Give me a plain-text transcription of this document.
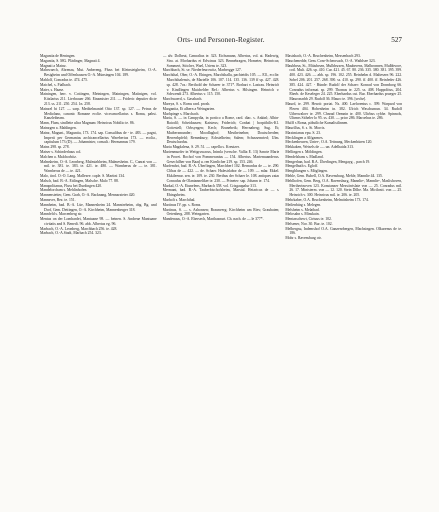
Orts- und Personen-Register.	527

Maguntia de Heningen.

Maguntia, S. MG. Plädinger, Magnati 4.

Magnati a Mainz.

Mahrwaech, Abrenaa, Mut. Anbereng, Fluss bei Kleinsteigheim, O.-A. Besigheim und Offenhausen O.-A. Münsingen 104. 189.

Mahlolf, Conradus te. 474. 475.

Maichel, s. Fialbach.

Maier, s. Haase.

Mainingen, herr. v. Cottingen, Meiningen, Mainingen, Maiinigen, vol. Kitzlarius 211. Lierbrauer 266. Einamister 211. — Frideric deputier dicte 213. ss. 211. 250. 254. 1n. 258.

Mainzel bt 127. — sarp. Meditelmaniel Otto 137. sp. 127. — Petrus de Mediolano, canonic Romane ecclie. vicecancellarius s. Roma, pabst. Kanzleibeam.

Mann, Flum, sindlette ultra Magnum: Heinricus Nobilio te. 86.

Mainzgen a. Mahlingen.

Mainz, Magunt., Maguntia, 173. 174. sap. Consulibus de - te. 483. — pagni, Imperii per Germanias archicancellarius Warebertus 173. — ecolia., capitulum 173 (D). — Johannister, consult.: Hermannus 179.

Mains 298. sp. 278.

Maiser s. Schinderhaus col.

Malchen a. Malchorbitz.

Malmsheim, O.-A. Leonberg, Malmizbheim, Malmesheim. C., Canrat von — mil. te. 381. te. 383. te. 421. te. 480. — Warnherus de — te. 381. Warnherus de — te. 421.

Malo, tirol. O.-O. Lang. Mallesee. caple. S. Martini 134.

Malsch, bad. B.-A. Ettlingen, Malsche. Malo 77. 88.

Manapolitanus, Fluss bei Durdingen 420.

Mandelorcham s. Mehlinhofen.

Mannenstetter, Gem. Grab, O.-A. Backnang, Mennarsteter 420.

Mannsver, Bez. te. 151.

Mannheim, bad. B.-A. Lüe, Mannesheim 24. Manntreheim, obg. Bg. und Dorf, Gem. Dettingen, O.-A. Kirchheim, Mannenberger 318.

Mannfeld s. Marcenberg str.

Mentus on der Lombardei, Mantuane 98. — beinen. S. Andreae Mantuane civitatis and S. Benedi. 96. abb. Albertus eg. 96.

Marbach, O.-A. Leonberg, Marchbach 256. te. 428.

Marbach, O.-A.Stadt, Marbach 254. 323.

— alv. Dolbeut, Camraltus te. 323. Eichsmann, Albertus, vol. at. Hadewig, Stra. at. Morhardus et Erlwinus 323. Bennebragen, Hometer, Heinricus; Sommert, Stitcher, Wael, Uriens te. 323.

Marchbach, St. se. Niederfeurowitz, Marbergge 127.

Marchthal, Ober, O.-A. Ehingen, Marchthalla, pachteidis 105. — Ell., ecclie. Marchthalensis, de Martelle 106. 107. 114. 135. 136. 139 ff sp. 427. 428. sp. 428. 7os.: Berthold der Schaeer te. 371*. Borhart v. Lastrau. Heinrich v. Kindlingen Maichelder Ref.: Albertus v. Hilsingen. Heinrich v. Schwendi 273. Albertus v. 115. 150.

Marchwaerd, s. Gaszbach.

Mareya, S. s. Roms rard. prosb.

Marganita, Et albern a Weingarten.

Marhpinge s. Marchach.

Maria, S. — in Campydia, in portico a Rome, rard. diac. s. Ankinl; Albin-Baiodil; Scheidausen; Kaisteus; Friderich; Conbat | borptibilis-K1. Gottestell; Orbsyngen; Kech; Brunebeik; Herrnaberg; Sug. Et; Mutbersmunder; Moodlaghof; Mestheinehrn; Doutscherden; Herrenbpfeld; Remmbury; Echstelheim; Salem; Schussemried; Ulm. Deutschardus.

Maria Magdalena, S. 29. 51. — capella s. Kreutzer.

Marienmurder in Weitgruwacus, Inimla (versche. Vallia E. 13) Sancte Marie in Prorei. Bochof von Pommeranius — 154. Albertus. Mariemuanderus. Gesechilher von Baad u. ren Kirnlicher 219. sp. 153. 246.

Marfemhrt, bad. B.-A. Überlingen, Marchberf 102. Bernardus de — te. 290. Clibas de — 422. — de. Schaer. Halesirlabor de — 109. — mlar. Ekkel. Ekkileenar. sen. te. 109. te. 230. Berthus der Schaer le. 108. antiques zaiar Conradus de Olantanneliker te. 230. — Prineter: sap. Johann te. 174.

Markal, O.-A. Eiunelens, Marbach 358. vol. Crisgaupalur 313.

Mermant, bad. B.-A. Tauberbischofsheim, Marstal. Heiaricus de — s. Ebingsbeim.

Marholt s. Marchthal.

Martinus IV. pp. s. Roms.

Martinus, S. — s. Ashonsen; Braunverg; Kirchheim am Ries; Graubaten; Oetenberg. 288. Weingarten.

Mandenaus, O.-A. Ebersech, Marthasnurt. Ch. nach. de — le 377*.

Mastsbach, O.-A. Bruchenheim, Messenbach 293.

Mauchenedde, Gem. Conr-Scheorsach, O.-A. Waiblsee 323.

Maubbrsn, St., Miüsbrsen, Mulbbsrsen, Mauberens, Malbronnen, Mulbbvore, cotl. Mult. 426. sp. 410. Cur. 421. 45. 67. 80. 236. 335. 380. 381. 395. 399. 400. 423. 426. — abb. sp. 196. 102. 255. Beinhelm d. Maltesern 96. 222. Sobel 206. 201. 257. 268. 390. ss. 410. sp. 290. ff. 400. ff. Beinfeder 426. 385. 424. 427. - Bünde: Rudolf der Schaer: Konrad von Donnborg 66. Conradus informat. sp. 299. Thomas te. 225. ss. 408. Huppolitus, 204. Eberb. de Keseleger 24. 225. Eberhardus cut. Bur. Eberhardus prueger 25. Mauronarhb 29. Rudolf 36. Mauro te. 396. [seche].

Maurd, te. 299. Heartt: portat. Ns. 400. Laelorentus c. 399. Warpard von Fleren 404. Hobenheim in. 382. Ulrich Waschumun. 34. Rudolf Uiberwaloer te. 299. Chnrad Oemnin te. 400. Ultrbus cybhe. Spinnols, Ultrnns Sitheler lo 95. ss. 430. — prior 286. Maroehus te. 286.

Mulff s Roma, päbstliche Kamalistlinnen.

Maurillus, S. s. St. Morris.

Maximianus epu. S. 23.

Mecklingen a Alfgarmes.

Meckenbeuren, Unter-, O.A. Tettnang, Meckenbüren 120.

Mekkaken, Weisels de —. un. Adelhaida 313.

Mellingen s. Möldingen.

Mendelshans s. Madland.

Mengerhan, bad. B.A. Überlingen, Mengayg. , parch 19.

Mengelhuth s. Egloff.

Mengblungen s. Möglingen.

Mehle, Gem. Bubell, O.A. Ravensburg, Mehle, Mannlie 44. 135.

Mehlhofen, Gem. Berg, O.A. Ravensburg, Mannlie-, Mannlie-, Maslishoven, Mertherinoven 123. Konstanzer Messtirrislate von — 25. Conradus mil. 26. 17. Ministerm. von — 12. 120. Stein Dilhe. Ma. Mirilonit. von — 25. Heinrich v. 300. Heinricus mil. te. 206. te. 205.

Mehrkaber, O.A. Bruckenheim, Melmitsheim 173. 174.

Meilenbürg s. Melegen.

Melsheim s. Melatbad.

Melosahn s. Minskain.

Mentasschewt, Cirtuus te. 102.

Melsener, Nor. 30. Bur. te. 102.

Melbergsu, Indemshof O.A. Ganzenrbergen, Machsingen. Olkurenus de te. 186.

Mohr s. Ravensburg otr.
